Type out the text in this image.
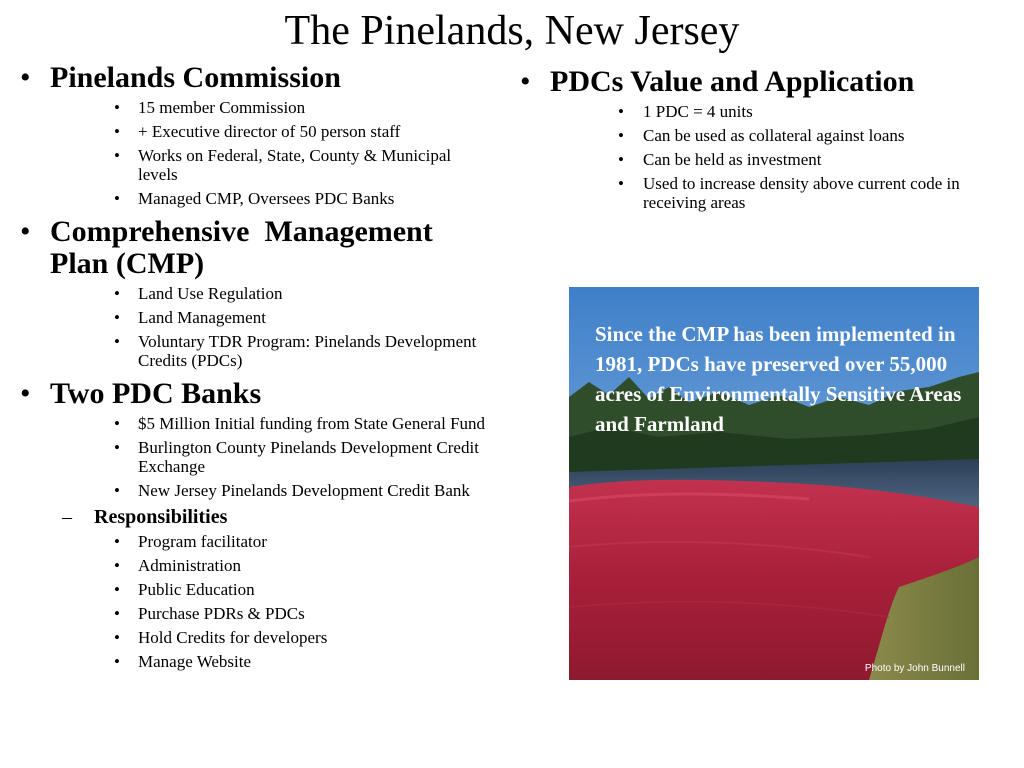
The Pinelands, New Jersey
• Pinelands Commission
• 15 member Commission
• + Executive director of 50 person staff
• Works on Federal, State, County & Municipal levels
• Managed CMP, Oversees PDC Banks
• Comprehensive  Management Plan (CMP)
• Land Use Regulation
• Land Management
• Voluntary TDR Program: Pinelands Development Credits (PDCs)
• Two PDC Banks
• $5 Million Initial funding from State General Fund
• Burlington County Pinelands Development Credit Exchange
• New Jersey Pinelands Development Credit Bank
– Responsibilities
• Program facilitator
• Administration
• Public Education
• Purchase PDRs & PDCs
• Hold Credits for developers
• Manage Website
• PDCs Value and Application
• 1 PDC = 4 units
• Can be used as collateral against loans
• Can be held as investment
• Used to increase density above current code in receiving areas
Since the CMP has been implemented in 1981, PDCs have preserved over 55,000 acres of Environmentally Sensitive Areas and Farmland
Photo by John Bunnell
